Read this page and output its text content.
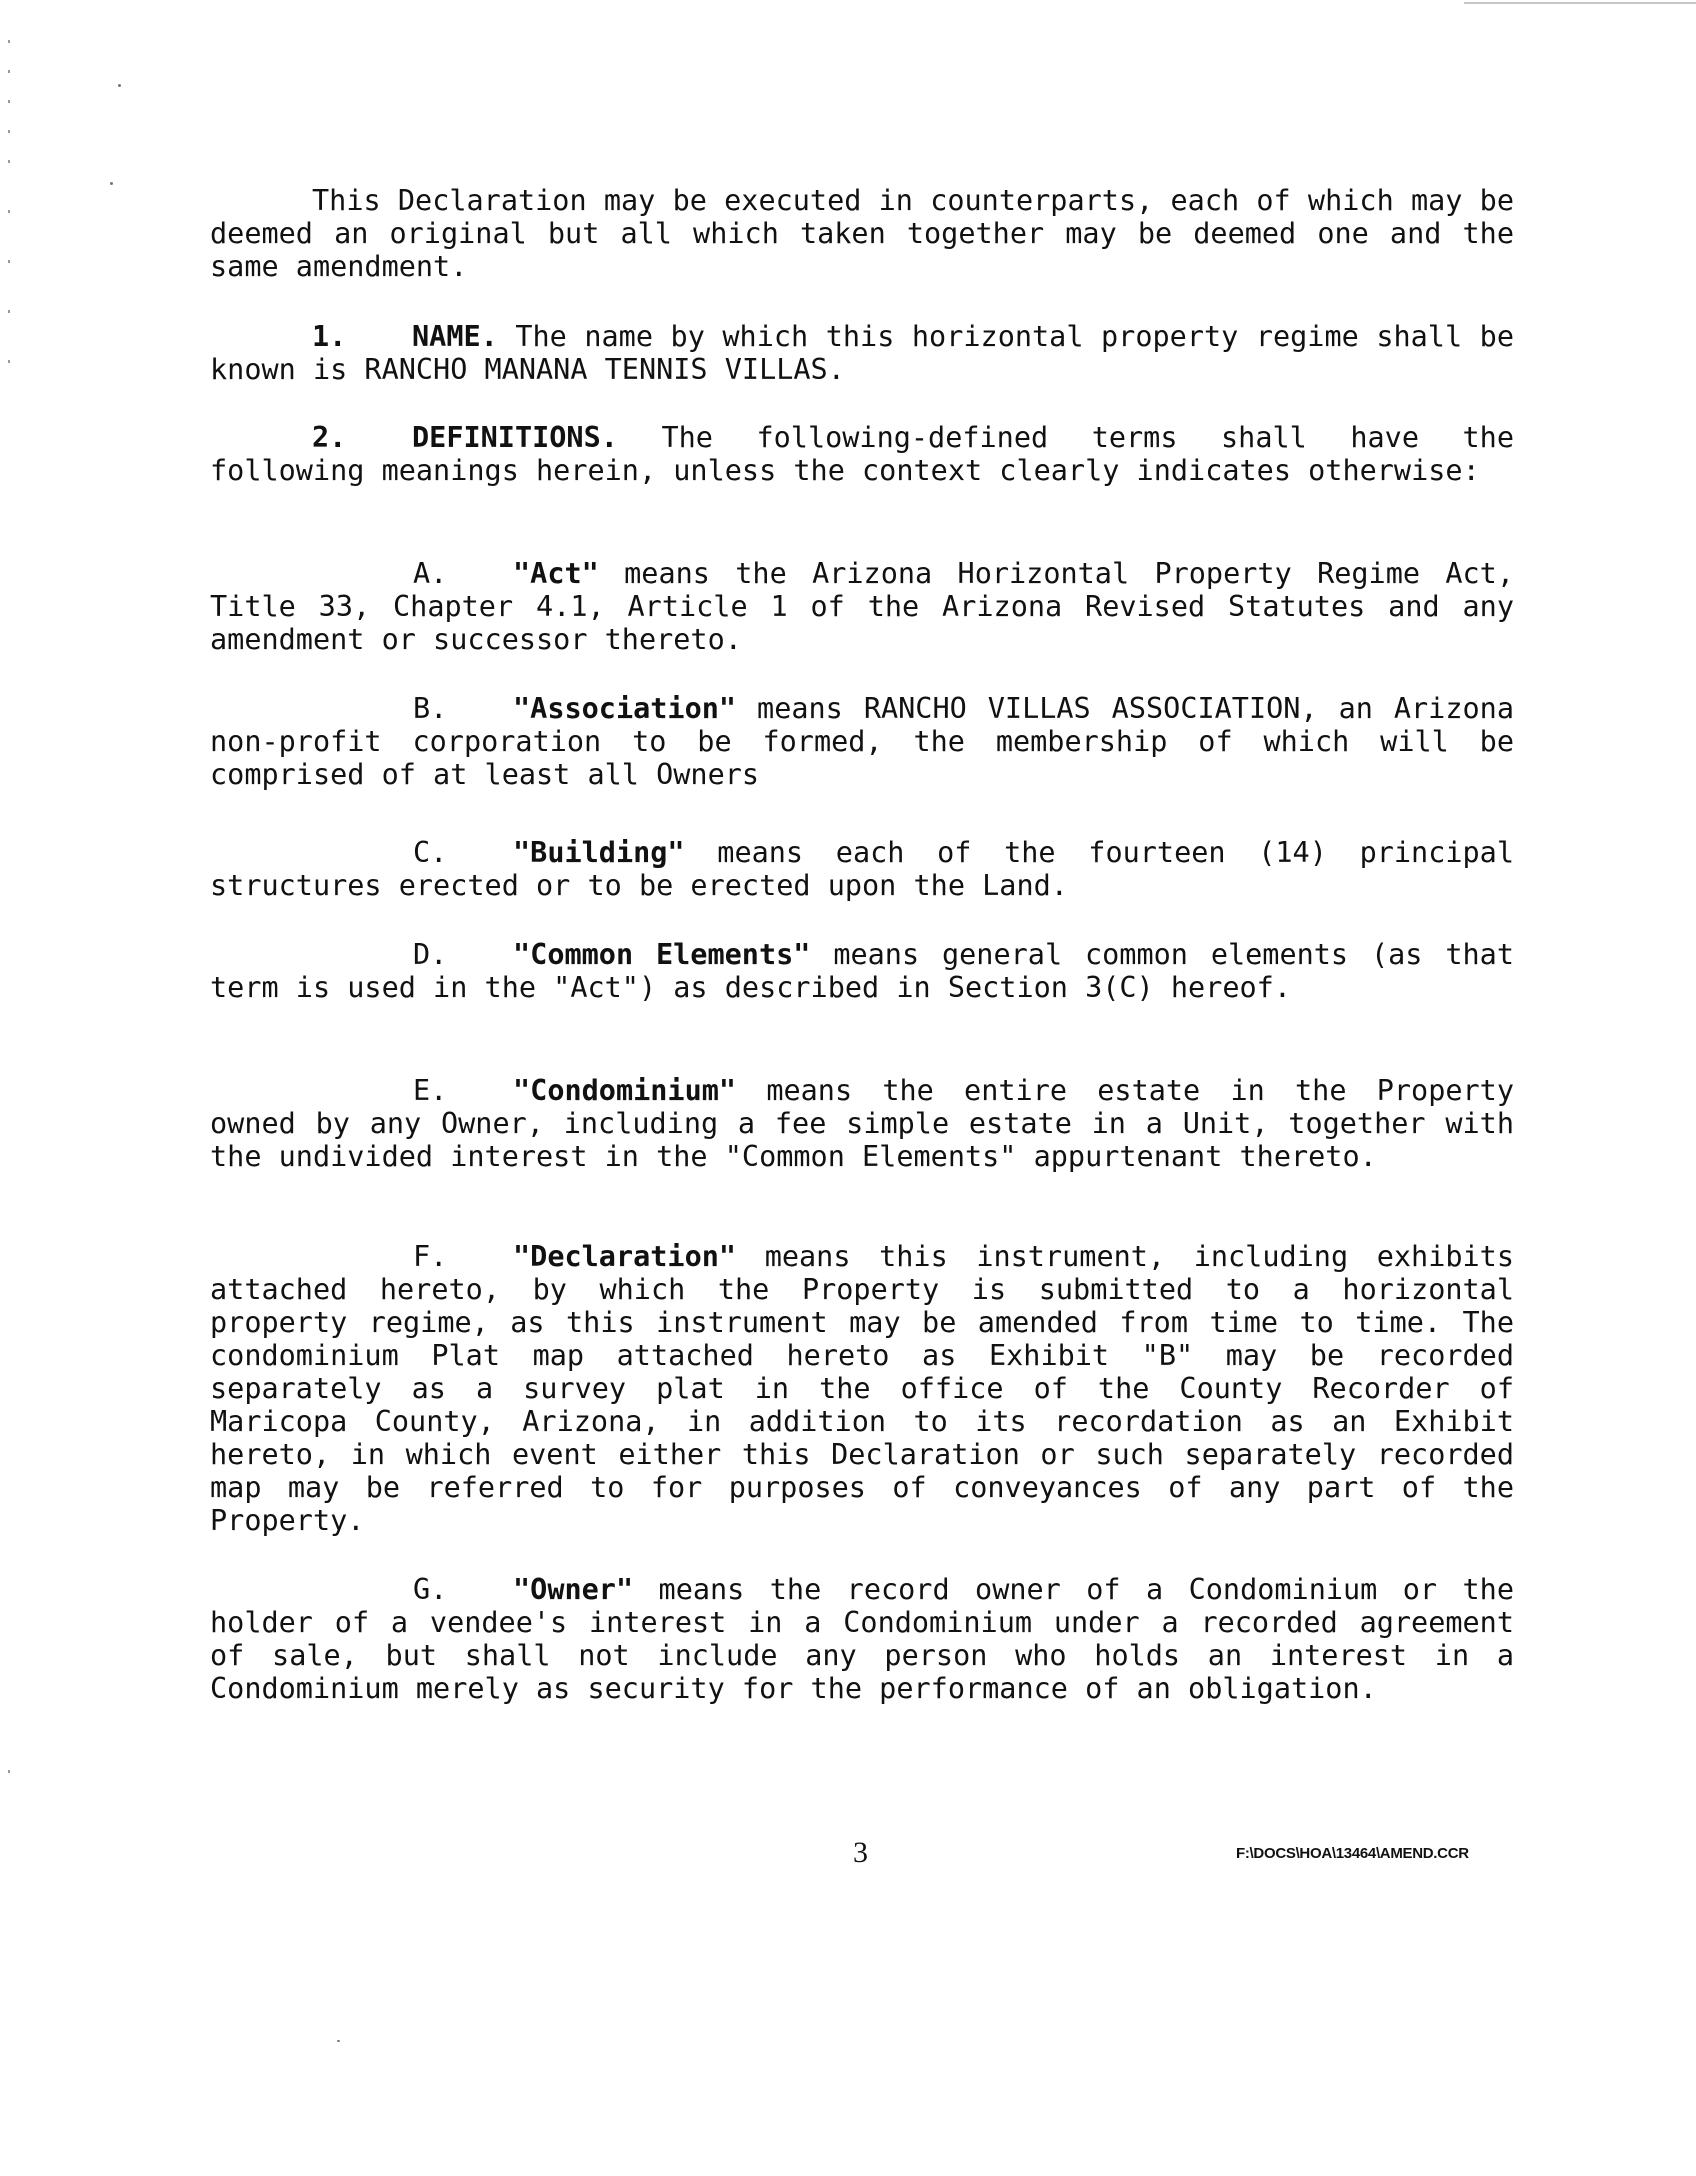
This Declaration may be executed in counterparts, each of which may be deemed an original but all which taken together may be deemed one and the same amendment.

1. NAME. The name by which this horizontal property regime shall be known is RANCHO MANANA TENNIS VILLAS.

2. DEFINITIONS. The following-defined terms shall have the following meanings herein, unless the context clearly indicates otherwise:

A. "Act" means the Arizona Horizontal Property Regime Act, Title 33, Chapter 4.1, Article 1 of the Arizona Revised Statutes and any amendment or successor thereto.

B. "Association" means RANCHO VILLAS ASSOCIATION, an Arizona non-profit corporation to be formed, the membership of which will be comprised of at least all Owners

C. "Building" means each of the fourteen (14) principal structures erected or to be erected upon the Land.

D. "Common Elements" means general common elements (as that term is used in the "Act") as described in Section 3(C) hereof.

E. "Condominium" means the entire estate in the Property owned by any Owner, including a fee simple estate in a Unit, together with the undivided interest in the "Common Elements" appurtenant thereto.

F. "Declaration" means this instrument, including exhibits attached hereto, by which the Property is submitted to a horizontal property regime, as this instrument may be amended from time to time. The condominium Plat map attached hereto as Exhibit "B" may be recorded separately as a survey plat in the office of the County Recorder of Maricopa County, Arizona, in addition to its recordation as an Exhibit hereto, in which event either this Declaration or such separately recorded map may be referred to for purposes of conveyances of any part of the Property.

G. "Owner" means the record owner of a Condominium or the holder of a vendee's interest in a Condominium under a recorded agreement of sale, but shall not include any person who holds an interest in a Condominium merely as security for the performance of an obligation.

3	F:\DOCS\HOA\13464\AMEND.CCR
